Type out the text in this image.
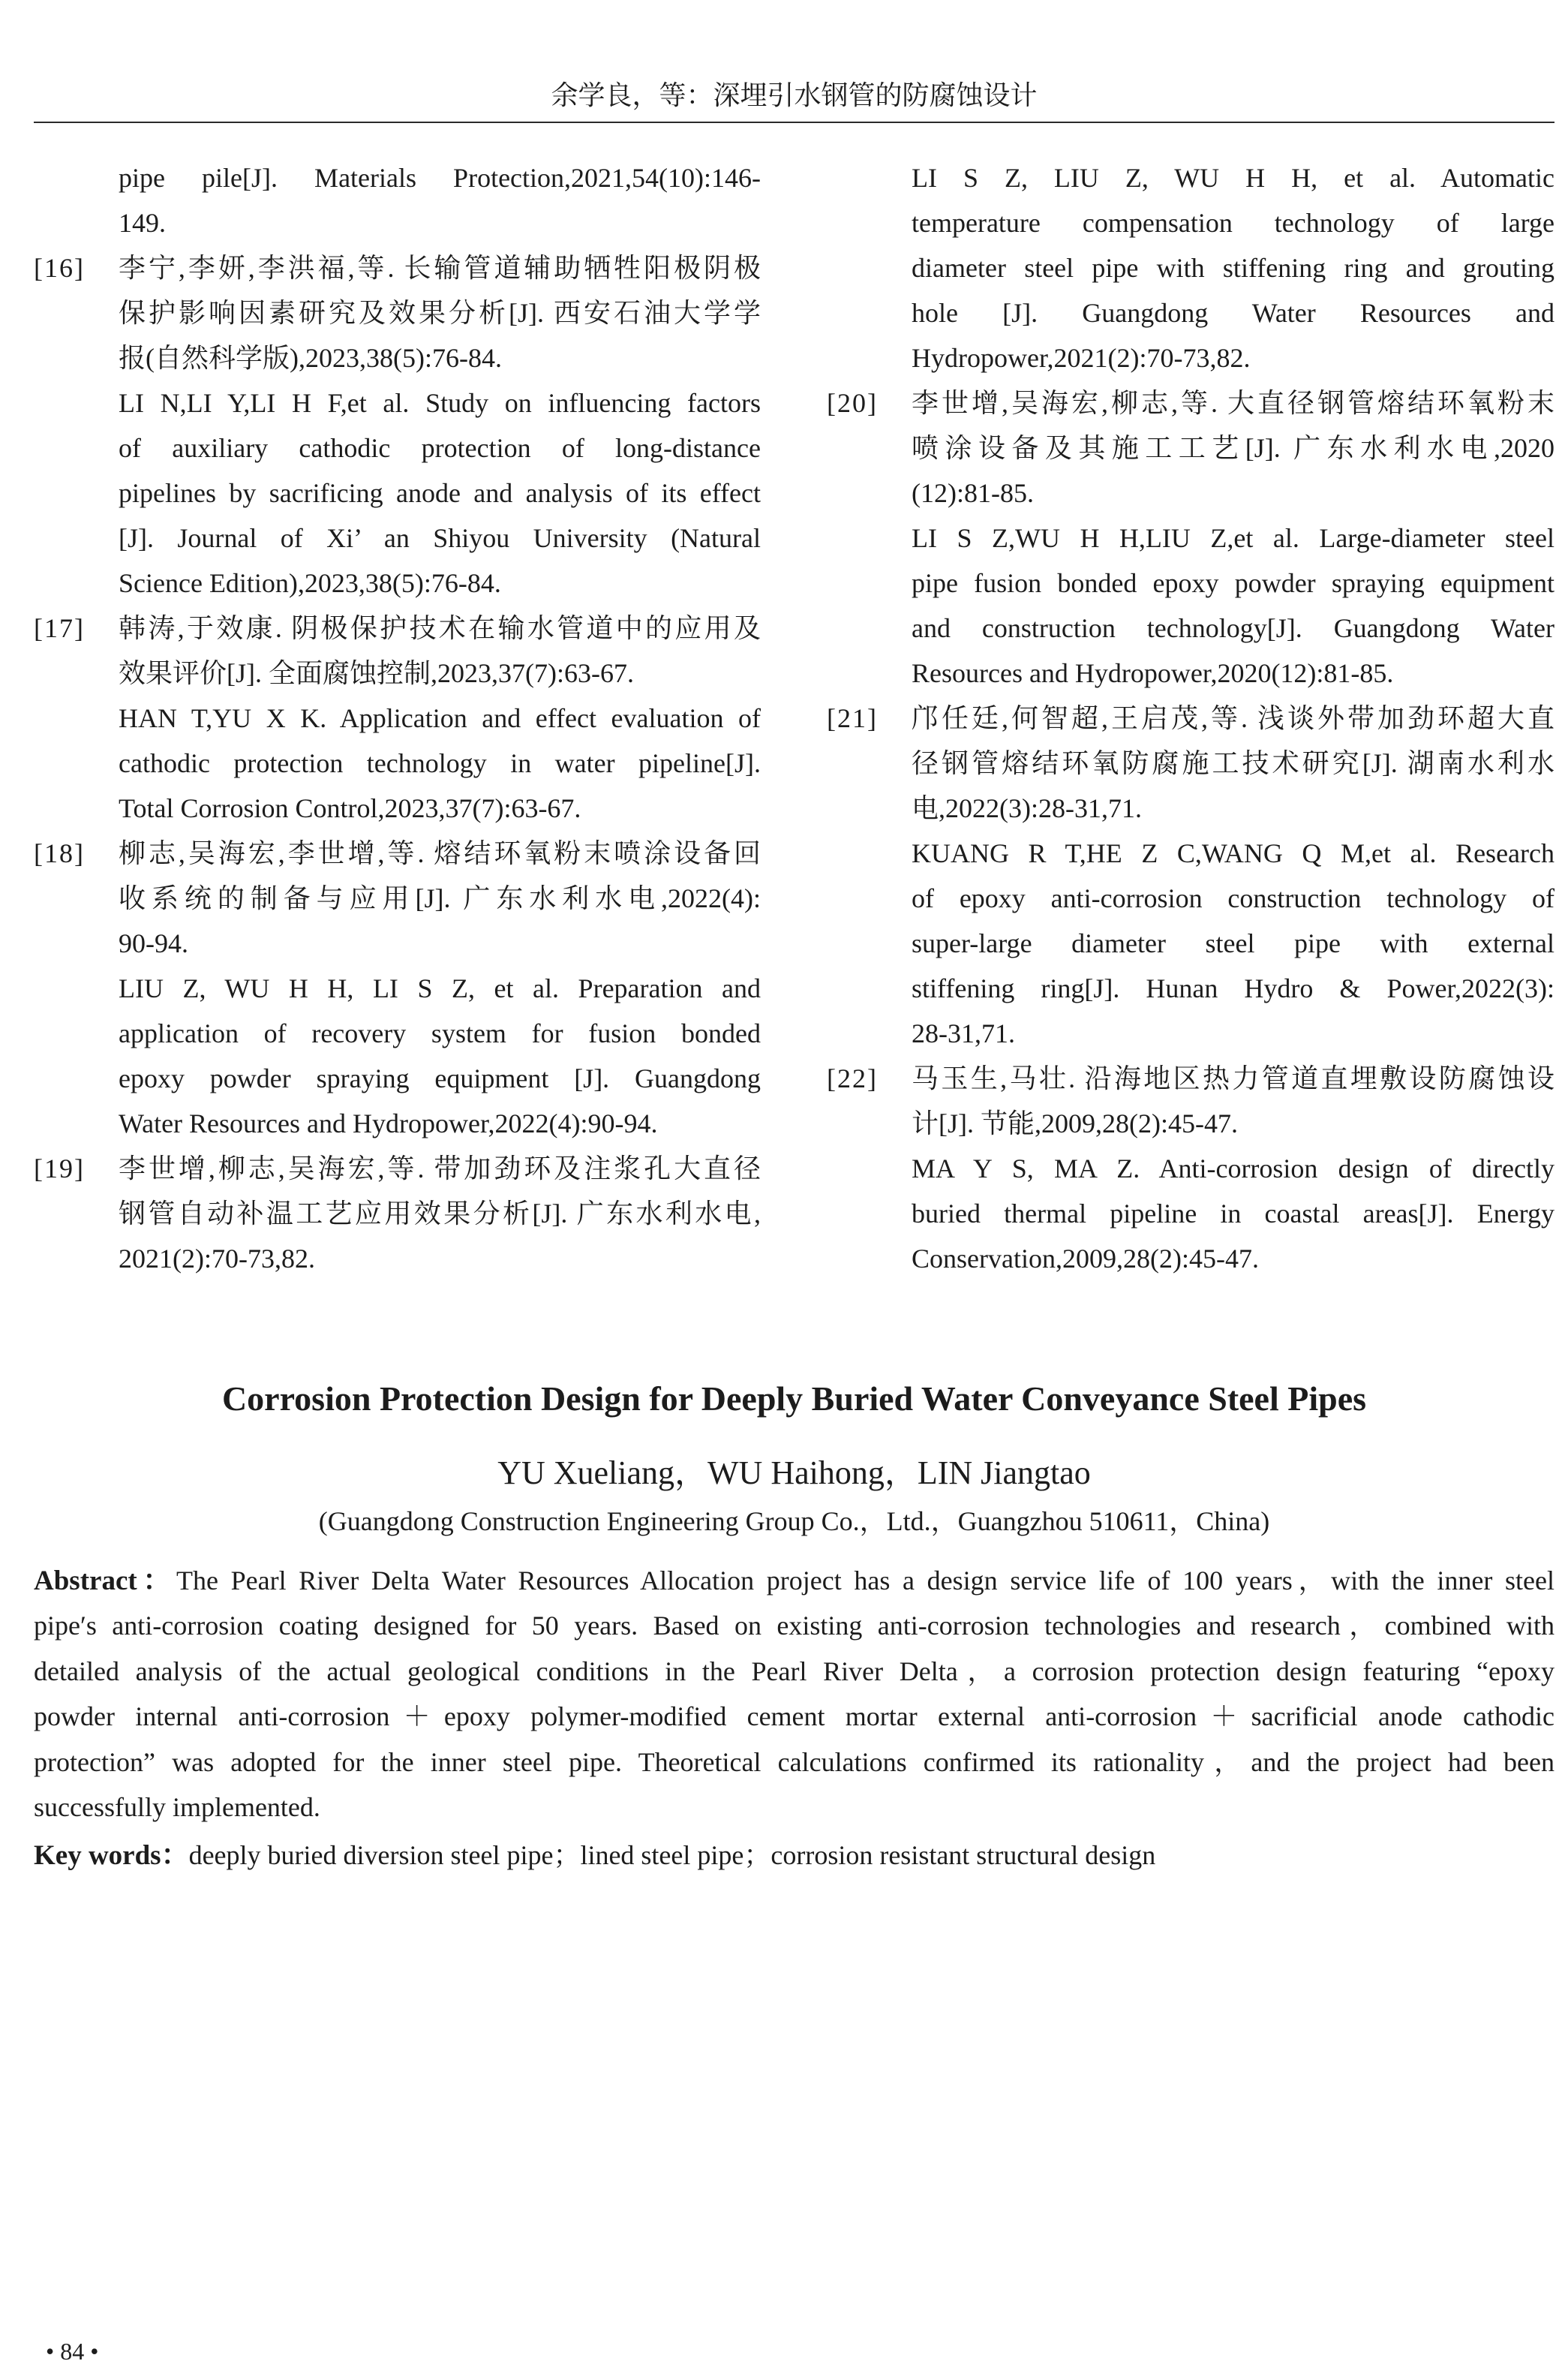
余学良，等：深埋引水钢管的防腐蚀设计
pipe pile[J]. Materials Protection,2021,54(10):146-
149.
[16] 李宁,李妍,李洪福,等. 长输管道辅助牺牲阳极阴极
保护影响因素研究及效果分析[J]. 西安石油大学学
报(自然科学版),2023,38(5):76-84.
LI N,LI Y,LI H F,et al. Study on influencing factors
of auxiliary cathodic protection of long-distance
pipelines by sacrificing anode and analysis of its effect
[J]. Journal of Xi’ an Shiyou University (Natural
Science Edition),2023,38(5):76-84.
[17] 韩涛,于效康. 阴极保护技术在输水管道中的应用及
效果评价[J]. 全面腐蚀控制,2023,37(7):63-67.
HAN T,YU X K. Application and effect evaluation of
cathodic protection technology in water pipeline[J].
Total Corrosion Control,2023,37(7):63-67.
[18] 柳志,吴海宏,李世增,等. 熔结环氧粉末喷涂设备回
收系统的制备与应用[J]. 广东水利水电,2022(4):
90-94.
LIU Z, WU H H, LI S Z, et al. Preparation and
application of recovery system for fusion bonded
epoxy powder spraying equipment [J]. Guangdong
Water Resources and Hydropower,2022(4):90-94.
[19] 李世增,柳志,吴海宏,等. 带加劲环及注浆孔大直径
钢管自动补温工艺应用效果分析[J]. 广东水利水电,
2021(2):70-73,82.
LI S Z, LIU Z, WU H H, et al. Automatic
temperature compensation technology of large
diameter steel pipe with stiffening ring and grouting
hole [J]. Guangdong Water Resources and
Hydropower,2021(2):70-73,82.
[20] 李世增,吴海宏,柳志,等. 大直径钢管熔结环氧粉末
喷涂设备及其施工工艺[J]. 广东水利水电,2020
(12):81-85.
LI S Z,WU H H,LIU Z,et al. Large-diameter steel
pipe fusion bonded epoxy powder spraying equipment
and construction technology[J]. Guangdong Water
Resources and Hydropower,2020(12):81-85.
[21] 邝任廷,何智超,王启茂,等. 浅谈外带加劲环超大直
径钢管熔结环氧防腐施工技术研究[J]. 湖南水利水
电,2022(3):28-31,71.
KUANG R T,HE Z C,WANG Q M,et al. Research
of epoxy anti-corrosion construction technology of
super-large diameter steel pipe with external
stiffening ring[J]. Hunan Hydro & Power,2022(3):
28-31,71.
[22] 马玉生,马壮. 沿海地区热力管道直埋敷设防腐蚀设
计[J]. 节能,2009,28(2):45-47.
MA Y S, MA Z. Anti-corrosion design of directly
buried thermal pipeline in coastal areas[J]. Energy
Conservation,2009,28(2):45-47.
Corrosion Protection Design for Deeply Buried Water Conveyance Steel Pipes
YU Xueliang，WU Haihong，LIN Jiangtao
(Guangdong Construction Engineering Group Co.，Ltd.，Guangzhou 510611，China)
Abstract：The Pearl River Delta Water Resources Allocation project has a design service life of 100 years，with the inner steel
pipe′s anti-corrosion coating designed for 50 years. Based on existing anti-corrosion technologies and research，combined with
detailed analysis of the actual geological conditions in the Pearl River Delta，a corrosion protection design featuring “epoxy
powder internal anti-corrosion＋epoxy polymer-modified cement mortar external anti-corrosion＋sacrificial anode cathodic
protection” was adopted for the inner steel pipe. Theoretical calculations confirmed its rationality，and the project had been
successfully implemented.
Key words：deeply buried diversion steel pipe；lined steel pipe；corrosion resistant structural design
• 84 •
